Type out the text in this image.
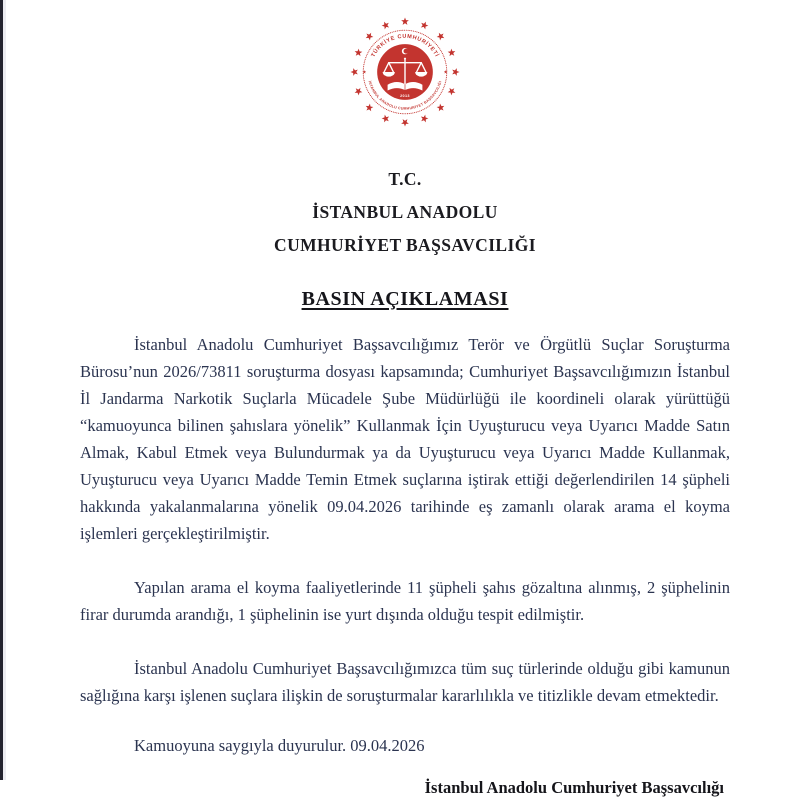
TÜRKİYE CUMHURİYETİ
İSTANBUL ANADOLU CUMHURİYET BAŞSAVCILIĞI
2013
T.C.
İSTANBUL ANADOLU
CUMHURİYET BAŞSAVCILIĞI
BASIN AÇIKLAMASI

İstanbul Anadolu Cumhuriyet Başsavcılığımız Terör ve Örgütlü Suçlar Soruşturma Bürosu’nun 2026/73811 soruşturma dosyası kapsamında; Cumhuriyet Başsavcılığımızın İstanbul İl Jandarma Narkotik Suçlarla Mücadele Şube Müdürlüğü ile koordineli olarak yürüttüğü “kamuoyunca bilinen şahıslara yönelik” Kullanmak İçin Uyuşturucu veya Uyarıcı Madde Satın Almak, Kabul Etmek veya Bulundurmak ya da Uyuşturucu veya Uyarıcı Madde Kullanmak, Uyuşturucu veya Uyarıcı Madde Temin Etmek suçlarına iştirak ettiği değerlendirilen 14 şüpheli hakkında yakalanmalarına yönelik 09.04.2026 tarihinde eş zamanlı olarak arama el koyma işlemleri gerçekleştirilmiştir.

Yapılan arama el koyma faaliyetlerinde 11 şüpheli şahıs gözaltına alınmış, 2 şüphelinin firar durumda arandığı, 1 şüphelinin ise yurt dışında olduğu tespit edilmiştir.

İstanbul Anadolu Cumhuriyet Başsavcılığımızca tüm suç türlerinde olduğu gibi kamunun sağlığına karşı işlenen suçlara ilişkin de soruşturmalar kararlılıkla ve titizlikle devam etmektedir.

Kamuoyuna saygıyla duyurulur. 09.04.2026
İstanbul Anadolu Cumhuriyet Başsavcılığı
